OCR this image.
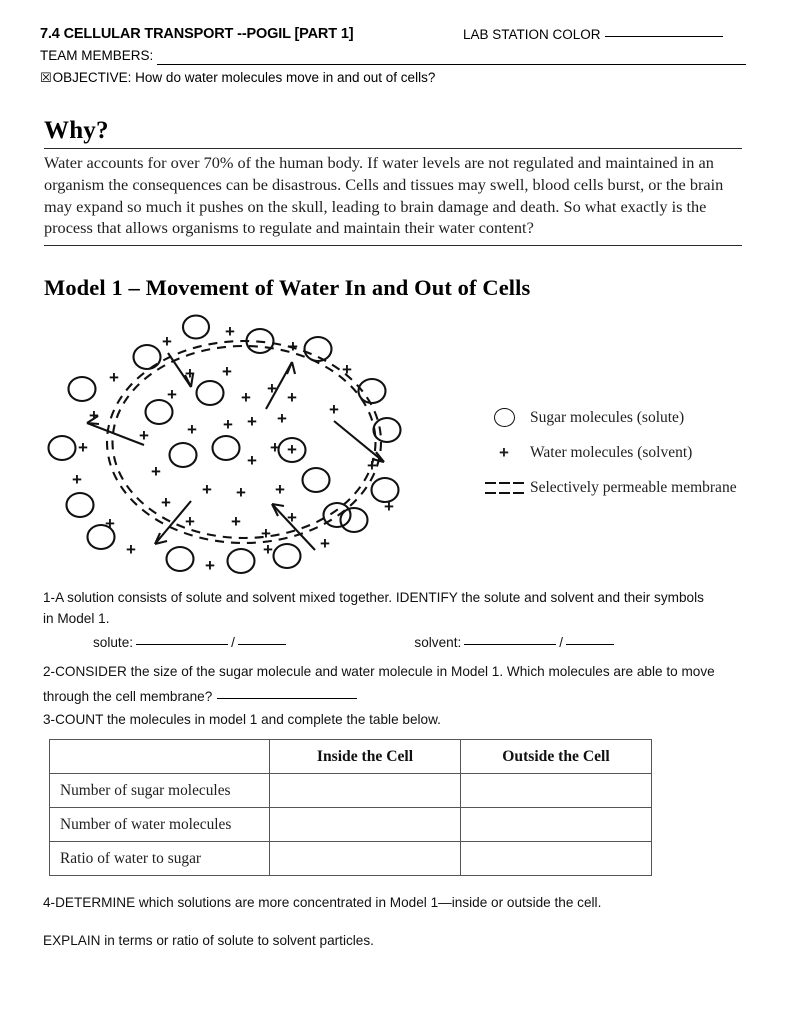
7.4 CELLULAR TRANSPORT --POGIL [PART 1]	LAB STATION COLOR
TEAM MEMBERS:
☒OBJECTIVE: How do water molecules move in and out of cells?
Why?
Water accounts for over 70% of the human body. If water levels are not regulated and maintained in an organism the consequences can be disastrous. Cells and tissues may swell, blood cells burst, or the brain may expand so much it pushes on the skull, leading to brain damage and death. So what exactly is the process that allows organisms to regulate and maintain their water content?
Model 1 – Movement of Water In and Out of Cells
+
+
+
+
+
+
+
+
+
+
+
+	+
+
+
+
+
+ +
+	+ + +
+
+
+
+
+
+
+
+
+ + +
+
+ +
+
+
Sugar molecules (solute)
+ Water molecules (solvent)
Selectively permeable membrane
1-A solution consists of solute and solvent mixed together. IDENTIFY the solute and solvent and their symbols in Model 1.
solute:	/	solvent:	/
2-CONSIDER the size of the sugar molecule and water molecule in Model 1. Which molecules are able to move
through the cell membrane?
3-COUNT the molecules in model 1 and complete the table below.
	Inside the Cell	Outside the Cell
Number of sugar molecules		
Number of water molecules		
Ratio of water to sugar		
4-DETERMINE which solutions are more concentrated in Model 1—inside or outside the cell.
EXPLAIN in terms or ratio of solute to solvent particles.
